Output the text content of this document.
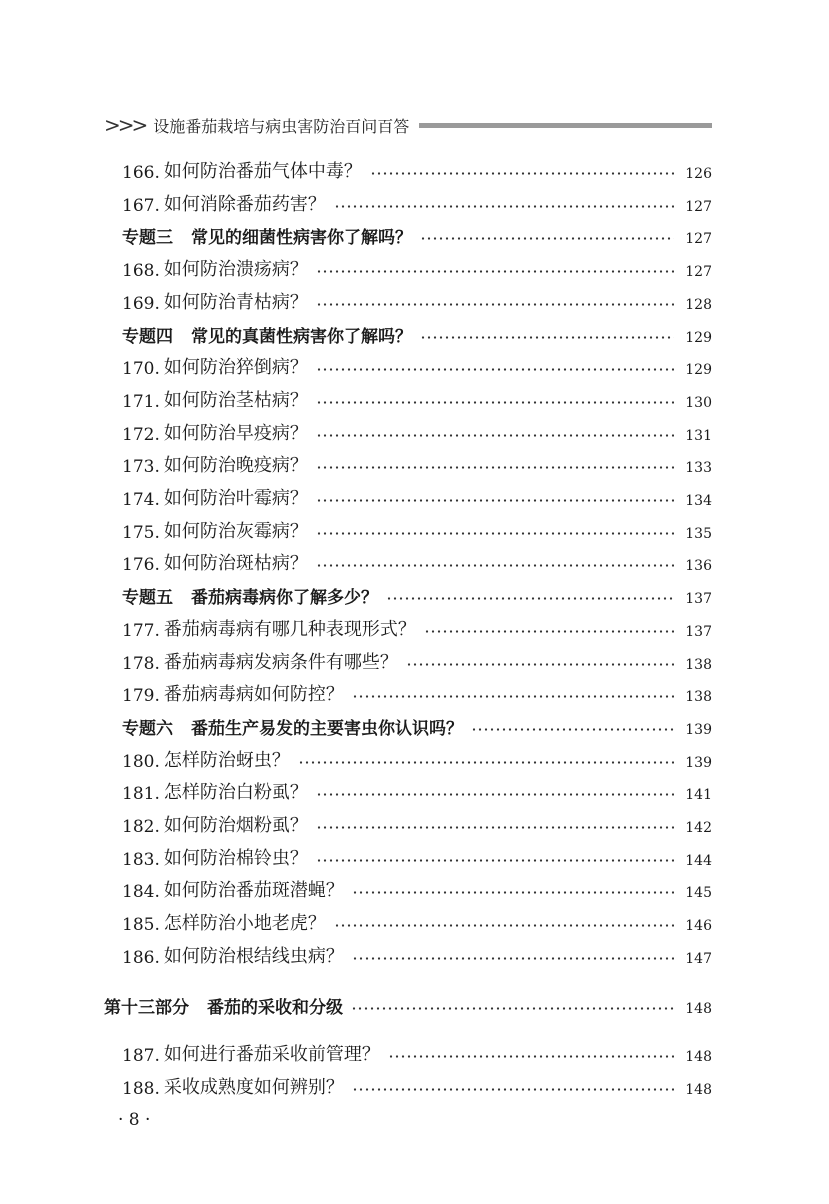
>>> 设施番茄栽培与病虫害防治百问百答
166. 如何防治番茄气体中毒？	126
167. 如何消除番茄药害？	127
专题三 常见的细菌性病害你了解吗？	127
168. 如何防治溃疡病？	127
169. 如何防治青枯病？	128
专题四 常见的真菌性病害你了解吗？	129
170. 如何防治猝倒病？	129
171. 如何防治茎枯病？	130
172. 如何防治早疫病？	131
173. 如何防治晚疫病？	133
174. 如何防治叶霉病？	134
175. 如何防治灰霉病？	135
176. 如何防治斑枯病？	136
专题五 番茄病毒病你了解多少？	137
177. 番茄病毒病有哪几种表现形式？	137
178. 番茄病毒病发病条件有哪些？	138
179. 番茄病毒病如何防控？	138
专题六 番茄生产易发的主要害虫你认识吗？	139
180. 怎样防治蚜虫？	139
181. 怎样防治白粉虱？	141
182. 如何防治烟粉虱？	142
183. 如何防治棉铃虫？	144
184. 如何防治番茄斑潜蝇？	145
185. 怎样防治小地老虎？	146
186. 如何防治根结线虫病？	147
第十三部分 番茄的采收和分级	148
187. 如何进行番茄采收前管理？	148
188. 采收成熟度如何辨别？	148
· 8 ·
